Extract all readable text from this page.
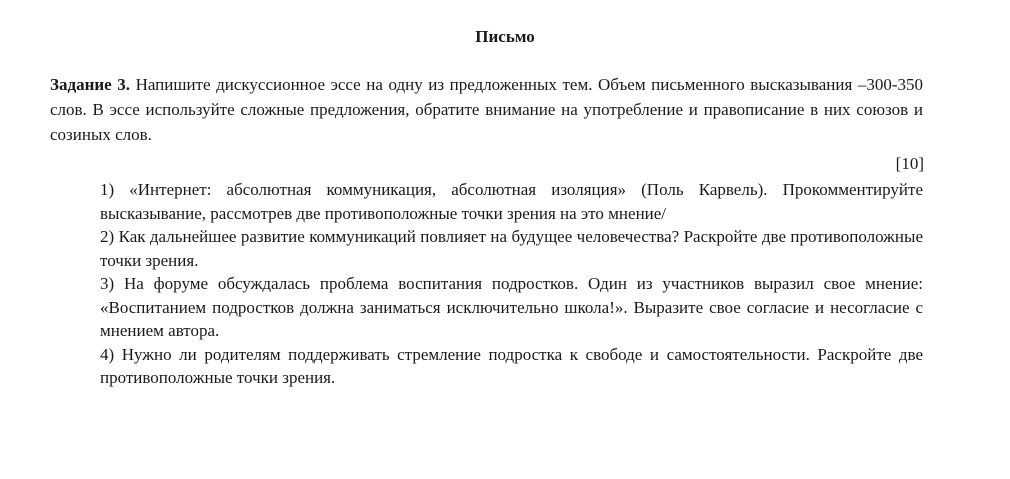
Письмо
Задание 3. Напишите дискуссионное эссе на одну из предложенных тем. Объем письменного высказывания –300-350 слов. В эссе используйте сложные предложения, обратите внимание на употребление и правописание в них союзов и созиных слов.
[10]
1) «Интернет: абсолютная коммуникация, абсолютная изоляция» (Поль Карвель). Прокомментируйте высказывание, рассмотрев две противоположные точки зрения на это мнение/
2) Как дальнейшее развитие коммуникаций повлияет на будущее человечества? Раскройте две противоположные точки зрения.
3) На форуме обсуждалась проблема воспитания подростков. Один из участников выразил свое мнение: «Воспитанием подростков должна заниматься исключительно школа!». Выразите свое согласие и несогласие с мнением автора.
4) Нужно ли родителям поддерживать стремление подростка к свободе и самостоятельности. Раскройте две противоположные точки зрения.
